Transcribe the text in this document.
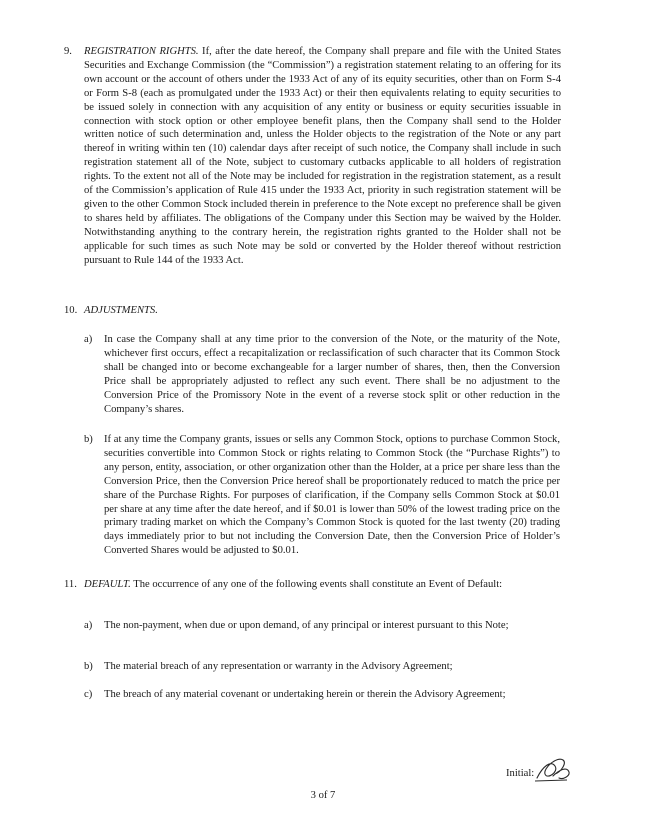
9. REGISTRATION RIGHTS. If, after the date hereof, the Company shall prepare and file with the United States Securities and Exchange Commission (the “Commission”) a registration statement relating to an offering for its own account or the account of others under the 1933 Act of any of its equity securities, other than on Form S-4 or Form S-8 (each as promulgated under the 1933 Act) or their then equivalents relating to equity securities to be issued solely in connection with any acquisition of any entity or business or equity securities issuable in connection with stock option or other employee benefit plans, then the Company shall send to the Holder written notice of such determination and, unless the Holder objects to the registration of the Note or any part thereof in writing within ten (10) calendar days after receipt of such notice, the Company shall include in such registration statement all of the Note, subject to customary cutbacks applicable to all holders of registration rights. To the extent not all of the Note may be included for registration in the registration statement, as a result of the Commission’s application of Rule 415 under the 1933 Act, priority in such registration statement will be given to the other Common Stock included therein in preference to the Note except no preference shall be given to shares held by affiliates. The obligations of the Company under this Section may be waived by the Holder. Notwithstanding anything to the contrary herein, the registration rights granted to the Holder shall not be applicable for such times as such Note may be sold or converted by the Holder thereof without restriction pursuant to Rule 144 of the 1933 Act.

10. ADJUSTMENTS.
a) In case the Company shall at any time prior to the conversion of the Note, or the maturity of the Note, whichever first occurs, effect a recapitalization or reclassification of such character that its Common Stock shall be changed into or become exchangeable for a larger number of shares, then, then the Conversion Price shall be appropriately adjusted to reflect any such event. There shall be no adjustment to the Conversion Price of the Promissory Note in the event of a reverse stock split or other reduction in the Company’s shares.

b) If at any time the Company grants, issues or sells any Common Stock, options to purchase Common Stock, securities convertible into Common Stock or rights relating to Common Stock (the “Purchase Rights”) to any person, entity, association, or other organization other than the Holder, at a price per share less than the Conversion Price, then the Conversion Price hereof shall be proportionately reduced to match the price per share of the Purchase Rights. For purposes of clarification, if the Company sells Common Stock at $0.01 per share at any time after the date hereof, and if $0.01 is lower than 50% of the lowest trading price on the primary trading market on which the Company’s Common Stock is quoted for the last twenty (20) trading days immediately prior to but not including the Conversion Date, then the Conversion Price of Holder’s Converted Shares would be adjusted to $0.01.

11. DEFAULT. The occurrence of any one of the following events shall constitute an Event of Default:

a) The non-payment, when due or upon demand, of any principal or interest pursuant to this Note;

b) The material breach of any representation or warranty in the Advisory Agreement;

c) The breach of any material covenant or undertaking herein or therein the Advisory Agreement;

Initial:
3 of 7
